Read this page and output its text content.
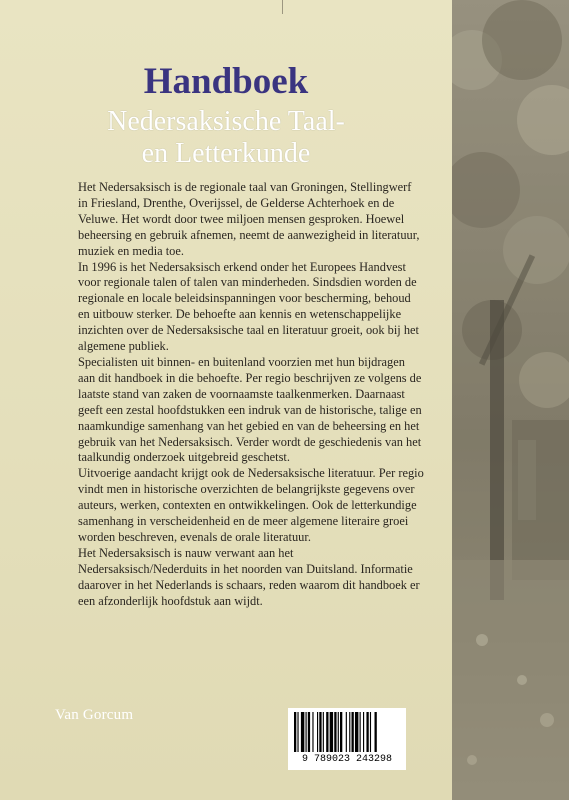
Handboek
Nedersaksische Taal-
en Letterkunde

Het Nedersaksisch is de regionale taal van Groningen, Stellingwerf in Friesland, Drenthe, Overijssel, de Gelderse Achterhoek en de Veluwe. Het wordt door twee miljoen mensen gesproken. Hoewel beheersing en gebruik afnemen, neemt de aanwezigheid in literatuur, muziek en media toe.

In 1996 is het Nedersaksisch erkend onder het Europees Handvest voor regionale talen of talen van minderheden. Sindsdien worden de regionale en locale beleidsinspanningen voor bescherming, behoud en uitbouw sterker. De behoefte aan kennis en wetenschappelijke inzichten over de Nedersaksische taal en literatuur groeit, ook bij het algemene publiek.

Specialisten uit binnen- en buitenland voorzien met hun bijdragen aan dit handboek in die behoefte. Per regio beschrijven ze volgens de laatste stand van zaken de voornaamste taalkenmerken. Daarnaast geeft een zestal hoofdstukken een indruk van de historische, talige en naamkundige samenhang van het gebied en van de beheersing en het gebruik van het Nedersaksisch. Verder wordt de geschiedenis van het taalkundig onderzoek uitgebreid geschetst.

Uitvoerige aandacht krijgt ook de Nedersaksische literatuur. Per regio vindt men in historische overzichten de belangrijkste gegevens over auteurs, werken, contexten en ontwikkelingen. Ook de letterkundige samenhang in verscheidenheid en de meer algemene literaire groei worden beschreven, evenals de orale literatuur.

Het Nedersaksisch is nauw verwant aan het Nedersaksisch/Nederduits in het noorden van Duitsland. Informatie daarover in het Nederlands is schaars, reden waarom dit handboek er een afzonderlijk hoofdstuk aan wijdt.

Van Gorcum
9 789023 243298
